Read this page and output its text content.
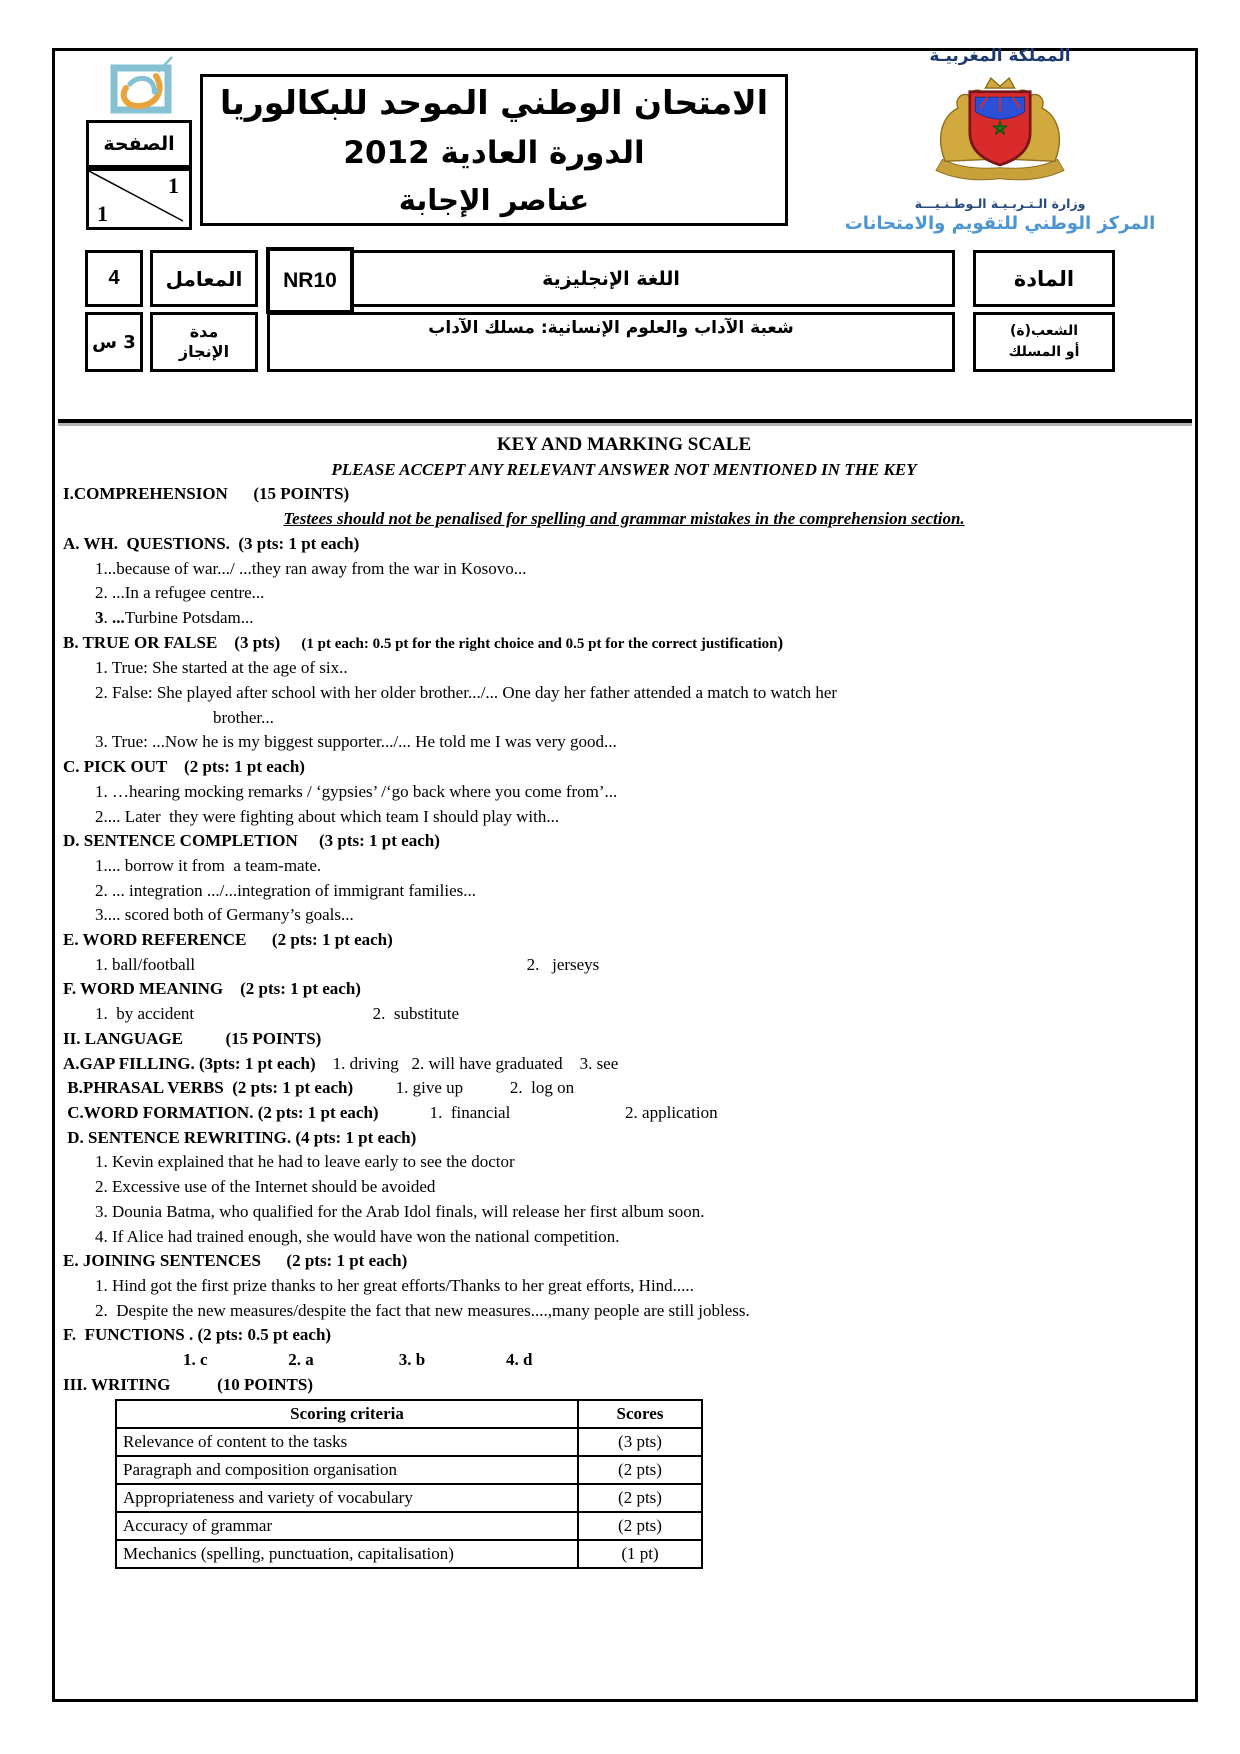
الصفحة
1
1
الامتحان الوطني الموحد للبكالوريا
الدورة العادية 2012
عناصر الإجابة
المملكة المغربيـة
وزارة الـتـربـيـة الـوطـنـيـــة
المركز الوطني للتقويم والامتحانات
4 المعامل NR10	اللغة الإنجليزية	المادة
3 س	مدة
الإنجاز
شعبة الآداب والعلوم الإنسانية: مسلك الآداب	الشعب(ة)
أو المسلك
KEY AND MARKING SCALE
PLEASE ACCEPT ANY RELEVANT ANSWER NOT MENTIONED IN THE KEY
I.COMPREHENSION      (15 POINTS)
Testees should not be penalised for spelling and grammar mistakes in the comprehension section.
A. WH.  QUESTIONS.  (3 pts: 1 pt each)
1...because of war.../ ...they ran away from the war in Kosovo...
2. ...In a refugee centre...
3. ...Turbine Potsdam...
B. TRUE OR FALSE    (3 pts)     (1 pt each: 0.5 pt for the right choice and 0.5 pt for the correct justification)
1. True: She started at the age of six..
2. False: She played after school with her older brother.../... One day her father attended a match to watch her
brother...
3. True: ...Now he is my biggest supporter.../... He told me I was very good...
C. PICK OUT    (2 pts: 1 pt each)
1. …hearing mocking remarks / ‘gypsies’ /‘go back where you come from’...
2.... Later  they were fighting about which team I should play with...
D. SENTENCE COMPLETION     (3 pts: 1 pt each)
1.... borrow it from  a team-mate.
2. ... integration .../...integration of immigrant families...
3.... scored both of Germany’s goals...
E. WORD REFERENCE      (2 pts: 1 pt each)
1. ball/football                                                                              2.   jerseys
F. WORD MEANING    (2 pts: 1 pt each)
1.  by accident                                          2.  substitute
II. LANGUAGE          (15 POINTS)
A.GAP FILLING. (3pts: 1 pt each)    1. driving   2. will have graduated    3. see
B.PHRASAL VERBS  (2 pts: 1 pt each)          1. give up           2.  log on
C.WORD FORMATION. (2 pts: 1 pt each)            1.  financial                           2. application
D. SENTENCE REWRITING. (4 pts: 1 pt each)
1. Kevin explained that he had to leave early to see the doctor
2. Excessive use of the Internet should be avoided
3. Dounia Batma, who qualified for the Arab Idol finals, will release her first album soon.
4. If Alice had trained enough, she would have won the national competition.
E. JOINING SENTENCES      (2 pts: 1 pt each)
1. Hind got the first prize thanks to her great efforts/Thanks to her great efforts, Hind.....
2.  Despite the new measures/despite the fact that new measures....,many people are still jobless.
F.  FUNCTIONS . (2 pts: 0.5 pt each)
1. c                   2. a                    3. b                   4. d
III. WRITING           (10 POINTS)
Scoring criteria	Scores
Relevance of content to the tasks	(3 pts)
Paragraph and composition organisation	(2 pts)
Appropriateness and variety of vocabulary	(2 pts)
Accuracy of grammar	(2 pts)
Mechanics (spelling, punctuation, capitalisation)	(1 pt)
